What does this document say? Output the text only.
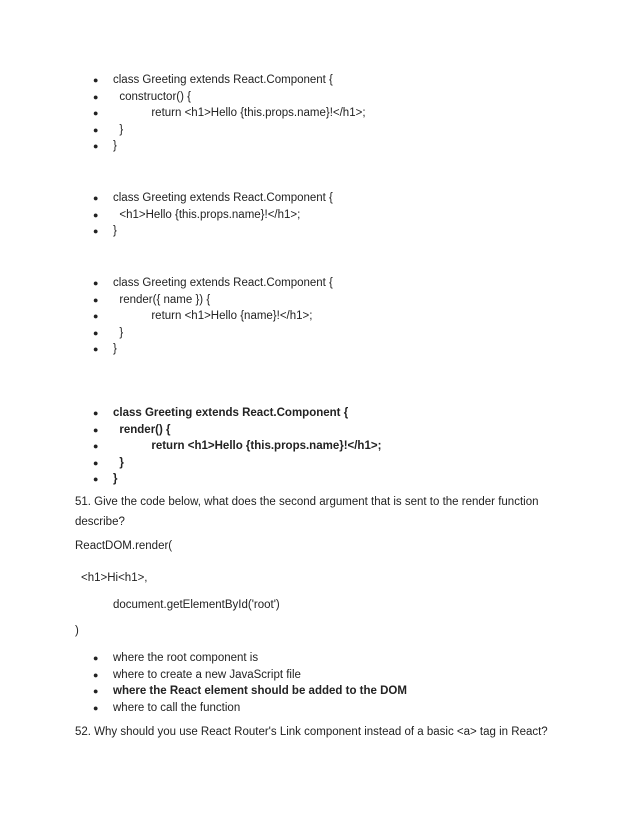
● class Greeting extends React.Component {
● constructor() {
● return <h1>Hello {this.props.name}!</h1>;
● }
● }
● class Greeting extends React.Component {
● <h1>Hello {this.props.name}!</h1>;
● }
● class Greeting extends React.Component {
● render({ name }) {
● return <h1>Hello {name}!</h1>;
● }
● }
● class Greeting extends React.Component {
● render() {
● return <h1>Hello {this.props.name}!</h1>;
● }
● }
51. Give the code below, what does the second argument that is sent to the render function describe?
ReactDOM.render(
<h1>Hi<h1>,
document.getElementById('root')
)
● where the root component is
● where to create a new JavaScript file
● where the React element should be added to the DOM
● where to call the function
52. Why should you use React Router's Link component instead of a basic <a> tag in React?
